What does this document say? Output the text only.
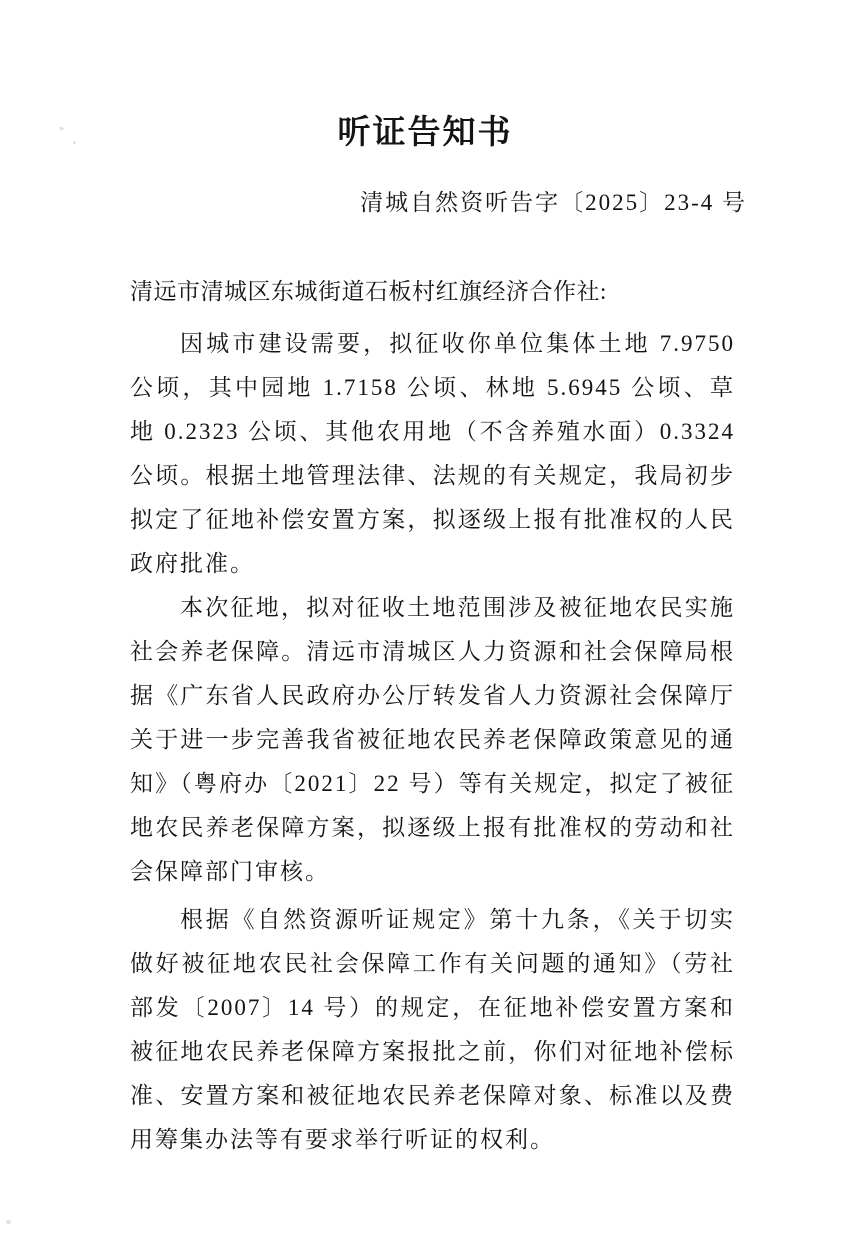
听证告知书
清城自然资听告字〔2025〕23-4 号
清远市清城区东城街道石板村红旗经济合作社:

因城市建设需要，拟征收你单位集体土地 7.9750 公顷，其中园地 1.7158 公顷、林地 5.6945 公顷、草地 0.2323 公顷、其他农用地（不含养殖水面）0.3324 公顷。根据土地管理法律、法规的有关规定，我局初步拟定了征地补偿安置方案，拟逐级上报有批准权的人民政府批准。

本次征地，拟对征收土地范围涉及被征地农民实施社会养老保障。清远市清城区人力资源和社会保障局根据《广东省人民政府办公厅转发省人力资源社会保障厅关于进一步完善我省被征地农民养老保障政策意见的通知》（粤府办〔2021〕22 号）等有关规定，拟定了被征地农民养老保障方案，拟逐级上报有批准权的劳动和社会保障部门审核。

根据《自然资源听证规定》第十九条，《关于切实做好被征地农民社会保障工作有关问题的通知》（劳社部发〔2007〕14 号）的规定，在征地补偿安置方案和被征地农民养老保障方案报批之前，你们对征地补偿标准、安置方案和被征地农民养老保障对象、标准以及费用筹集办法等有要求举行听证的权利。
